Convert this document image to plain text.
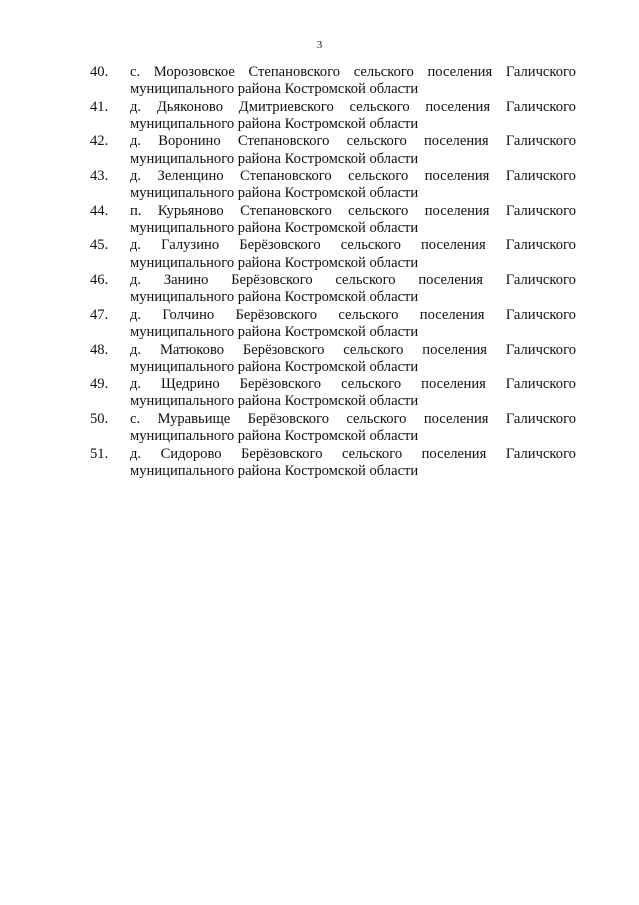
3
40.	с. Морозовское Степановского сельского поселения Галичского
муниципального района Костромской области
41.	д. Дьяконово Дмитриевского сельского поселения Галичского
муниципального района Костромской области
42.	д. Воронино Степановского сельского поселения Галичского
муниципального района Костромской области
43.	д. Зеленцино Степановского сельского поселения Галичского
муниципального района Костромской области
44.	п. Курьяново Степановского сельского поселения Галичского
муниципального района Костромской области
45.	д. Галузино Берёзовского сельского поселения Галичского
муниципального района Костромской области
46.	д. Занино Берёзовского сельского поселения Галичского
муниципального района Костромской области
47.	д. Голчино Берёзовского сельского поселения Галичского
муниципального района Костромской области
48.	д. Матюково Берёзовского сельского поселения Галичского
муниципального района Костромской области
49.	д. Щедрино Берёзовского сельского поселения Галичского
муниципального района Костромской области
50.	с. Муравьище Берёзовского сельского поселения Галичского
муниципального района Костромской области
51.	д. Сидорово Берёзовского сельского поселения Галичского
муниципального района Костромской области
